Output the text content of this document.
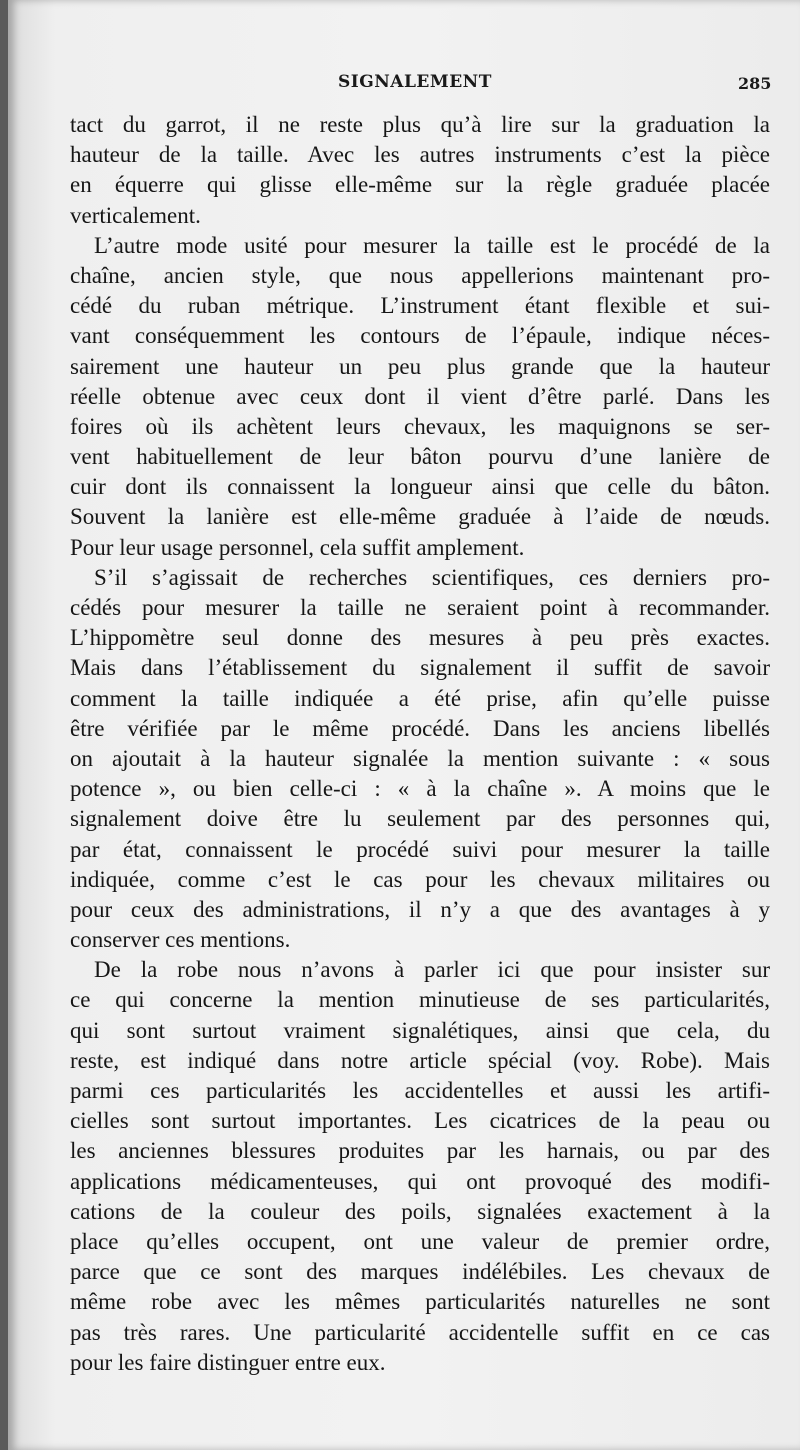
SIGNALEMENT	285
tact du garrot, il ne reste plus qu’à lire sur la graduation la
hauteur de la taille. Avec les autres instruments c’est la pièce
en équerre qui glisse elle-même sur la règle graduée placée
verticalement.
L’autre mode usité pour mesurer la taille est le procédé de la
chaîne, ancien style, que nous appellerions maintenant pro-
cédé du ruban métrique. L’instrument étant flexible et sui-
vant conséquemment les contours de l’épaule, indique néces-
sairement une hauteur un peu plus grande que la hauteur
réelle obtenue avec ceux dont il vient d’être parlé. Dans les
foires où ils achètent leurs chevaux, les maquignons se ser-
vent habituellement de leur bâton pourvu d’une lanière de
cuir dont ils connaissent la longueur ainsi que celle du bâton.
Souvent la lanière est elle-même graduée à l’aide de nœuds.
Pour leur usage personnel, cela suffit amplement.
S’il s’agissait de recherches scientifiques, ces derniers pro-
cédés pour mesurer la taille ne seraient point à recommander.
L’hippomètre seul donne des mesures à peu près exactes.
Mais dans l’établissement du signalement il suffit de savoir
comment la taille indiquée a été prise, afin qu’elle puisse
être vérifiée par le même procédé. Dans les anciens libellés
on ajoutait à la hauteur signalée la mention suivante : « sous
potence », ou bien celle-ci : « à la chaîne ». A moins que le
signalement doive être lu seulement par des personnes qui,
par état, connaissent le procédé suivi pour mesurer la taille
indiquée, comme c’est le cas pour les chevaux militaires ou
pour ceux des administrations, il n’y a que des avantages à y
conserver ces mentions.
De la robe nous n’avons à parler ici que pour insister sur
ce qui concerne la mention minutieuse de ses particularités,
qui sont surtout vraiment signalétiques, ainsi que cela, du
reste, est indiqué dans notre article spécial (voy. Robe). Mais
parmi ces particularités les accidentelles et aussi les artifi-
cielles sont surtout importantes. Les cicatrices de la peau ou
les anciennes blessures produites par les harnais, ou par des
applications médicamenteuses, qui ont provoqué des modifi-
cations de la couleur des poils, signalées exactement à la
place qu’elles occupent, ont une valeur de premier ordre,
parce que ce sont des marques indélébiles. Les chevaux de
même robe avec les mêmes particularités naturelles ne sont
pas très rares. Une particularité accidentelle suffit en ce cas
pour les faire distinguer entre eux.
